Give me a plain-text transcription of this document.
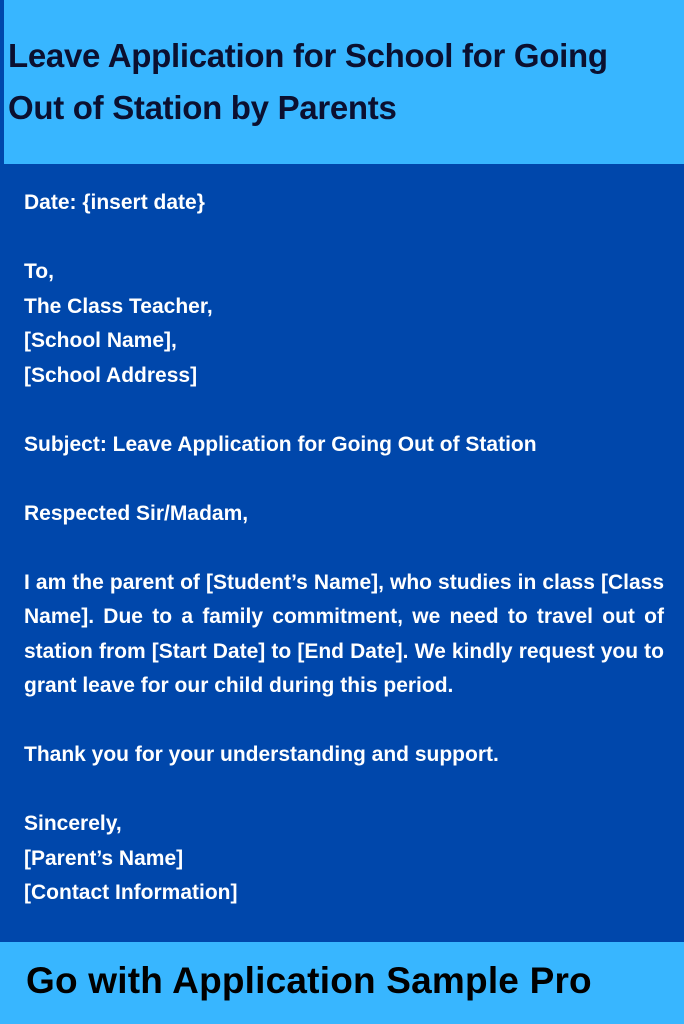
Leave Application for School for Going
Out of Station by Parents

Date: {insert date}

To,

The Class Teacher,

[School Name],

[School Address]

Subject: Leave Application for Going Out of Station

Respected Sir/Madam,

I am the parent of [Student’s Name], who studies in class [Class Name]. Due to a family commitment, we need to travel out of station from [Start Date] to [End Date]. We kindly request you to grant leave for our child during this period.

Thank you for your understanding and support.

Sincerely,

[Parent’s Name]

[Contact Information]

Go with Application Sample Pro
